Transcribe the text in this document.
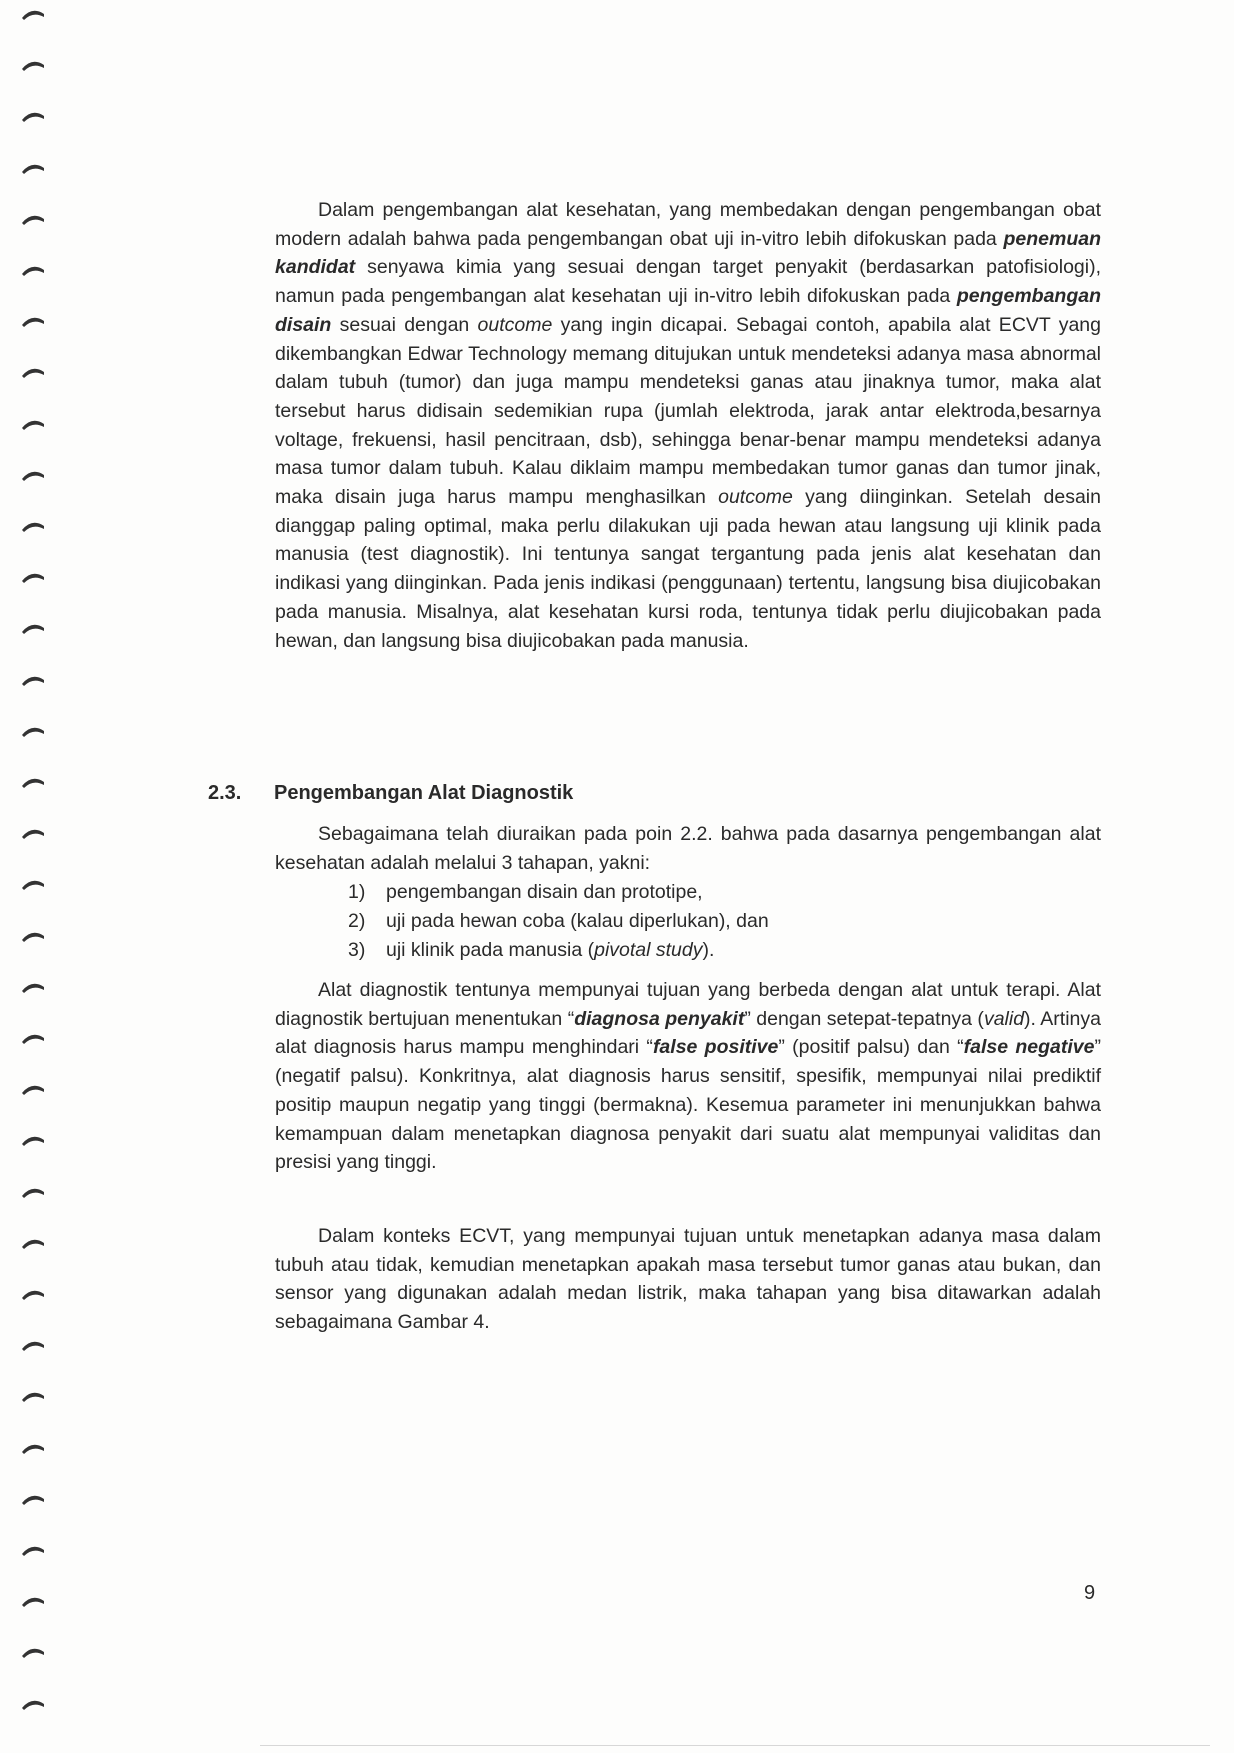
Dalam pengembangan alat kesehatan, yang membedakan dengan pengembangan obat modern adalah bahwa pada pengembangan obat uji in-vitro lebih difokuskan pada penemuan kandidat senyawa kimia yang sesuai dengan target penyakit (berdasarkan patofisiologi), namun pada pengembangan alat kesehatan uji in-vitro lebih difokuskan pada pengembangan disain sesuai dengan outcome yang ingin dicapai. Sebagai contoh, apabila alat ECVT yang dikembangkan Edwar Technology memang ditujukan untuk mendeteksi adanya masa abnormal dalam tubuh (tumor) dan juga mampu mendeteksi ganas atau jinaknya tumor, maka alat tersebut harus didisain sedemikian rupa (jumlah elektroda, jarak antar elektroda,besarnya voltage, frekuensi, hasil pencitraan, dsb), sehingga benar-benar mampu mendeteksi adanya masa tumor dalam tubuh. Kalau diklaim mampu membedakan tumor ganas dan tumor jinak, maka disain juga harus mampu menghasilkan outcome yang diinginkan. Setelah desain dianggap paling optimal, maka perlu dilakukan uji pada hewan atau langsung uji klinik pada manusia (test diagnostik). Ini tentunya sangat tergantung pada jenis alat kesehatan dan indikasi yang diinginkan. Pada jenis indikasi (penggunaan) tertentu, langsung bisa diujicobakan pada manusia. Misalnya, alat kesehatan kursi roda, tentunya tidak perlu diujicobakan pada hewan, dan langsung bisa diujicobakan pada manusia.

2.3. Pengembangan Alat Diagnostik

Sebagaimana telah diuraikan pada poin 2.2. bahwa pada dasarnya pengembangan alat kesehatan adalah melalui 3 tahapan, yakni:

1)	pengembangan disain dan prototipe,
2)	uji pada hewan coba (kalau diperlukan), dan
3)	uji klinik pada manusia (pivotal study).

Alat diagnostik tentunya mempunyai tujuan yang berbeda dengan alat untuk terapi. Alat diagnostik bertujuan menentukan “diagnosa penyakit” dengan setepat-tepatnya (valid). Artinya alat diagnosis harus mampu menghindari “false positive” (positif palsu) dan “false negative” (negatif palsu). Konkritnya, alat diagnosis harus sensitif, spesifik, mempunyai nilai prediktif positip maupun negatip yang tinggi (bermakna). Kesemua parameter ini menunjukkan bahwa kemampuan dalam menetapkan diagnosa penyakit dari suatu alat mempunyai validitas dan presisi yang tinggi.

Dalam konteks ECVT, yang mempunyai tujuan untuk menetapkan adanya masa dalam tubuh atau tidak, kemudian menetapkan apakah masa tersebut tumor ganas atau bukan, dan sensor yang digunakan adalah medan listrik, maka tahapan yang bisa ditawarkan adalah sebagaimana Gambar 4.

9
